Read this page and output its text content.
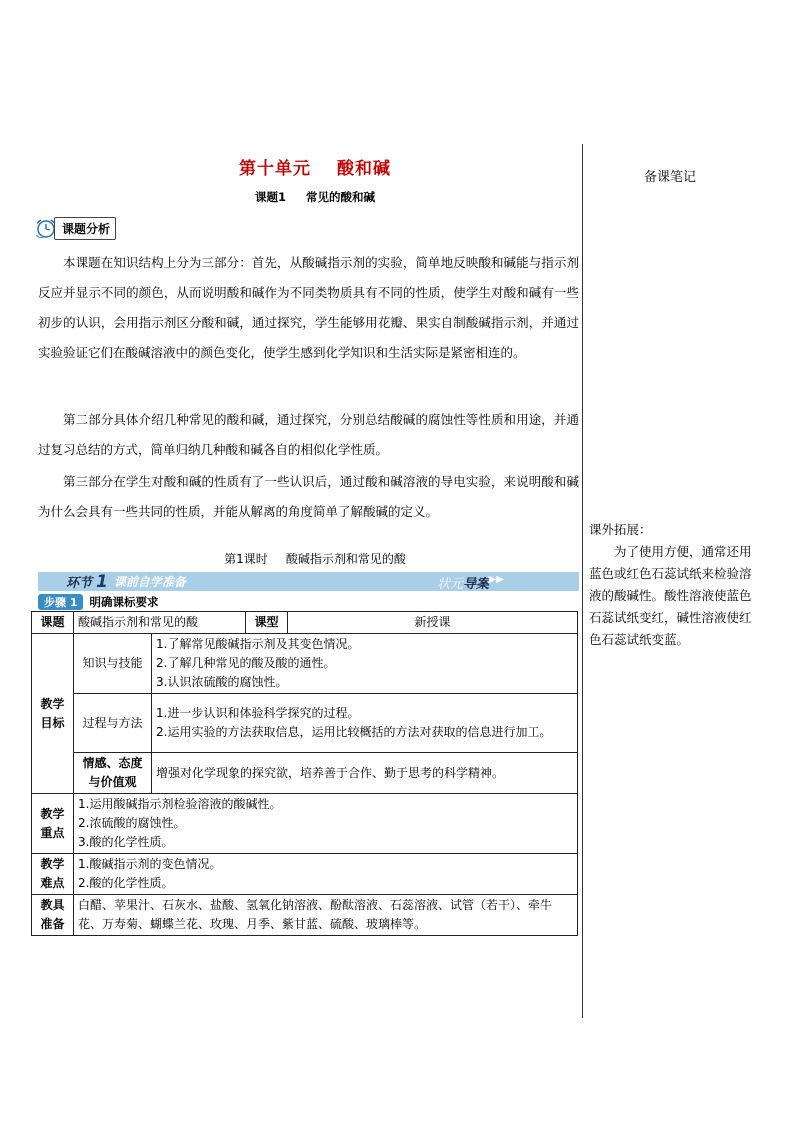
备课笔记
课外拓展：
为了使用方便，通常还用蓝色或红色石蕊试纸来检验溶液的酸碱性。酸性溶液使蓝色石蕊试纸变红，碱性溶液使红色石蕊试纸变蓝。
第十单元 酸和碱
课题1 常见的酸和碱
课题分析

本课题在知识结构上分为三部分：首先，从酸碱指示剂的实验，简单地反映酸和碱能与指示剂反应并显示不同的颜色，从而说明酸和碱作为不同类物质具有不同的性质，使学生对酸和碱有一些初步的认识，会用指示剂区分酸和碱，通过探究，学生能够用花瓣、果实自制酸碱指示剂，并通过实验验证它们在酸碱溶液中的颜色变化，使学生感到化学知识和生活实际是紧密相连的。

第二部分具体介绍几种常见的酸和碱，通过探究，分别总结酸碱的腐蚀性等性质和用途，并通过复习总结的方式，简单归纳几种酸和碱各自的相似化学性质。

第三部分在学生对酸和碱的性质有了一些认识后，通过酸和碱溶液的导电实验，来说明酸和碱为什么会具有一些共同的性质，并能从解离的角度简单了解酸碱的定义。

第1课时 酸碱指示剂和常见的酸
环节 1 课前自学准备	状元导案 ▶▶
步骤 1	明确课标要求
课题	酸碱指示剂和常见的酸		课型	新授课
教学目标	知识与技能	1.了解常见酸碱指示剂及其变色情况。
2.了解几种常见的酸及酸的通性。
3.认识浓硫酸的腐蚀性。		

	过程与方法	1.进一步认识和体验科学探究的过程。
2.运用实验的方法获取信息，运用比较概括的方法对获取的信息进行加工。		

	情感、态度与价值观	增强对化学现象的探究欲，培养善于合作、勤于思考的科学精神。		
教学重点	1.运用酸碱指示剂检验溶液的酸碱性。
2.浓硫酸的腐蚀性。
3.酸的化学性质。			

教学难点	1.酸碱指示剂的变色情况。
2.酸的化学性质。			

教具准备	白醋、苹果汁、石灰水、盐酸、氢氧化钠溶液、酚酞溶液、石蕊溶液、试管（若干）、牵牛花、万寿菊、蝴蝶兰花、玫瑰、月季、紫甘蓝、硫酸、玻璃棒等。			
